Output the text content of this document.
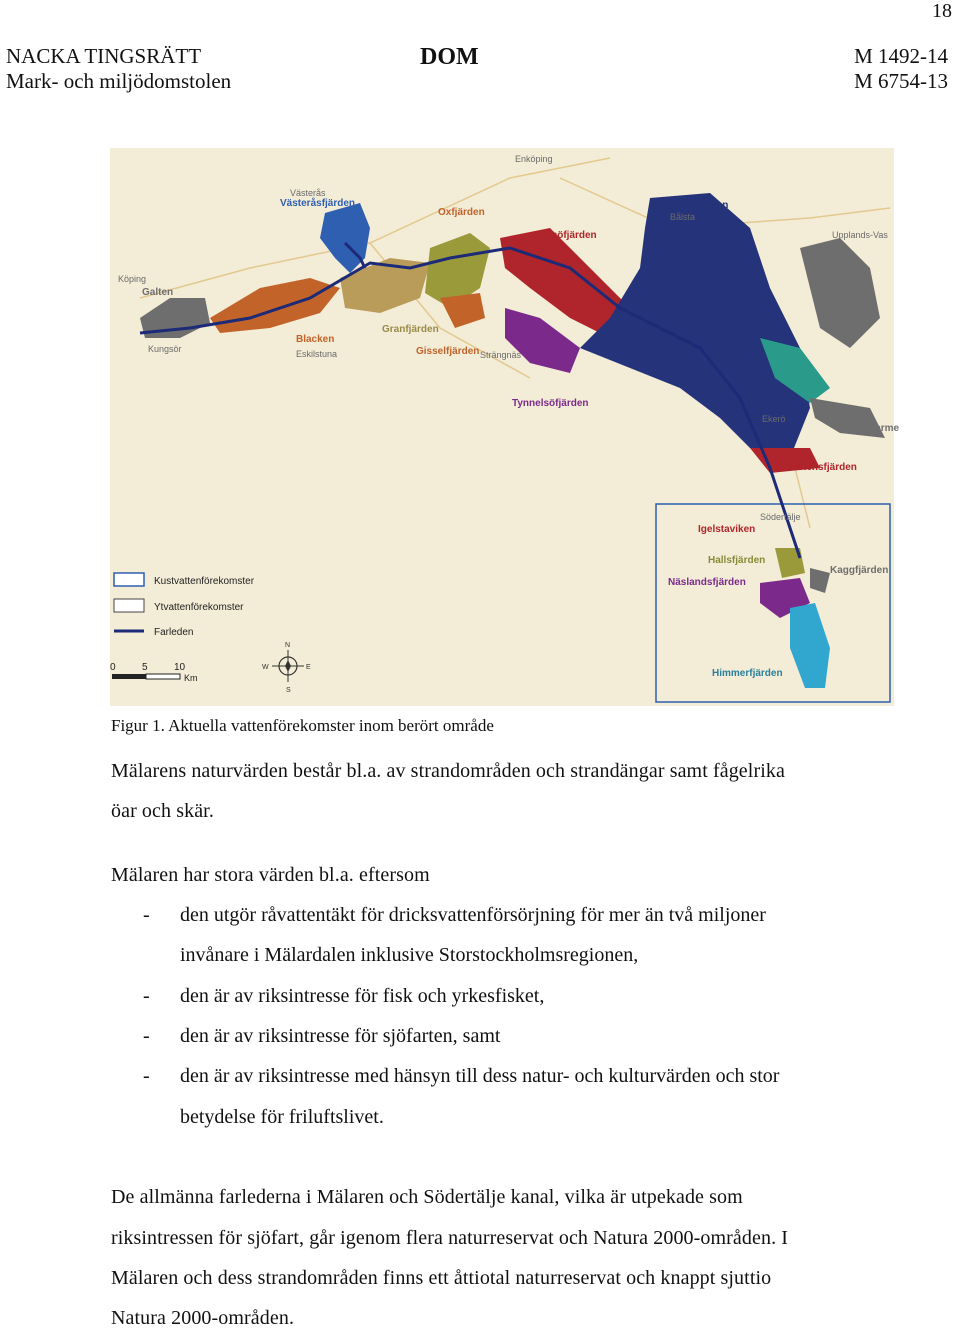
18
NACKA TINGSRÄTT
Mark- och miljödomstolen
DOM	M 1492-14
M 6754-13
Enköping
Västerås
Köping
Kungsör	Eskilstuna	Strängnäs
Bålsta
Upplands-Vas
Ekerö
Södertälje
Västeråsfjärden
Galten
Blacken
Granfjärden
Oxfjärden
Gisselfjärden
Arnöfjärden
Tynnelsöfjärden
Prästfjärden
Görväln
Långtarme
Rödstensfjärden
Igelstaviken
Hallsfjärden
Näslandsfjärden
Kaggfjärden
Himmerfjärden
Kustvattenförekomster
Ytvattenförekomster
Farleden
0	5	10
Km
N
S
E
W
Figur 1. Aktuella vattenförekomster inom berört område
Mälarens naturvärden består bl.a. av strandområden och strandängar samt fågelrika
öar och skär.
Mälaren har stora värden bl.a. eftersom
- den utgör råvattentäkt för dricksvattenförsörjning för mer än två miljoner
invånare i Mälardalen inklusive Storstockholmsregionen,
- den är av riksintresse för fisk och yrkesfisket,
- den är av riksintresse för sjöfarten, samt
- den är av riksintresse med hänsyn till dess natur- och kulturvärden och stor
betydelse för friluftslivet.
De allmänna farlederna i Mälaren och Södertälje kanal, vilka är utpekade som
riksintressen för sjöfart, går igenom flera naturreservat och Natura 2000-områden. I
Mälaren och dess strandområden finns ett åttiotal naturreservat och knappt sjuttio
Natura 2000-områden.
